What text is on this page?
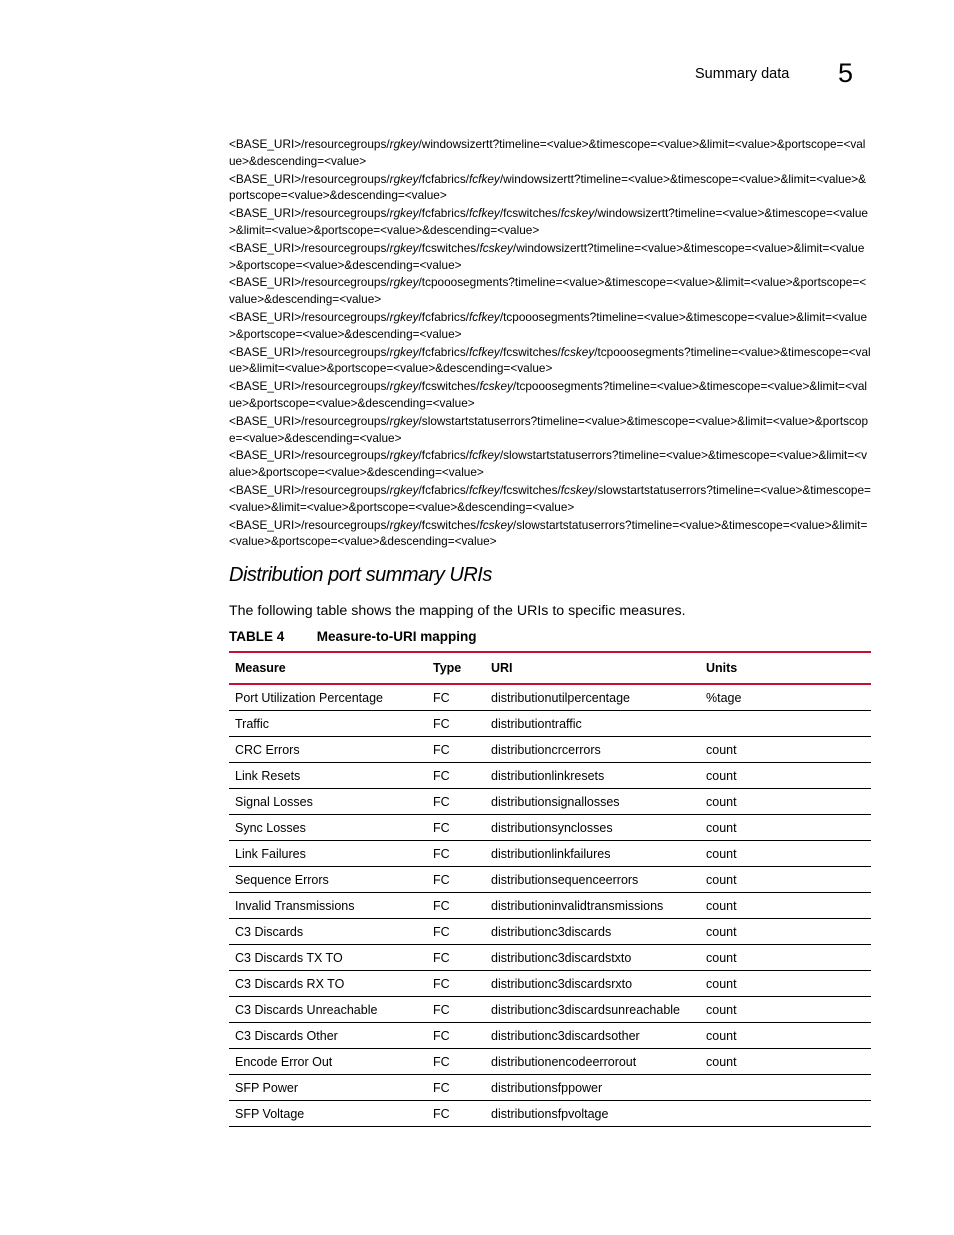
Summary data 5
<BASE_URI>/resourcegroups/rgkey/windowsizertt?timeline=<value>&timescope=<value>&limit=<value>&portscope=<value>&descending=<value>
<BASE_URI>/resourcegroups/rgkey/fcfabrics/fcfkey/windowsizertt?timeline=<value>&timescope=<value>&limit=<value>&portscope=<value>&descending=<value>
<BASE_URI>/resourcegroups/rgkey/fcfabrics/fcfkey/fcswitches/fcskey/windowsizertt?timeline=<value>&timescope=<value>&limit=<value>&portscope=<value>&descending=<value>
<BASE_URI>/resourcegroups/rgkey/fcswitches/fcskey/windowsizertt?timeline=<value>&timescope=<value>&limit=<value>&portscope=<value>&descending=<value>
<BASE_URI>/resourcegroups/rgkey/tcpooosegments?timeline=<value>&timescope=<value>&limit=<value>&portscope=<value>&descending=<value>
<BASE_URI>/resourcegroups/rgkey/fcfabrics/fcfkey/tcpooosegments?timeline=<value>&timescope=<value>&limit=<value>&portscope=<value>&descending=<value>
<BASE_URI>/resourcegroups/rgkey/fcfabrics/fcfkey/fcswitches/fcskey/tcpooosegments?timeline=<value>&timescope=<value>&limit=<value>&portscope=<value>&descending=<value>
<BASE_URI>/resourcegroups/rgkey/fcswitches/fcskey/tcpooosegments?timeline=<value>&timescope=<value>&limit=<value>&portscope=<value>&descending=<value>
<BASE_URI>/resourcegroups/rgkey/slowstartstatuserrors?timeline=<value>&timescope=<value>&limit=<value>&portscope=<value>&descending=<value>
<BASE_URI>/resourcegroups/rgkey/fcfabrics/fcfkey/slowstartstatuserrors?timeline=<value>&timescope=<value>&limit=<value>&portscope=<value>&descending=<value>
<BASE_URI>/resourcegroups/rgkey/fcfabrics/fcfkey/fcswitches/fcskey/slowstartstatuserrors?timeline=<value>&timescope=<value>&limit=<value>&portscope=<value>&descending=<value>
<BASE_URI>/resourcegroups/rgkey/fcswitches/fcskey/slowstartstatuserrors?timeline=<value>&timescope=<value>&limit=<value>&portscope=<value>&descending=<value>
Distribution port summary URIs

The following table shows the mapping of the URIs to specific measures.

TABLE 4 Measure-to-URI mapping
Measure	Type	URI	Units
Port Utilization Percentage	FC	distributionutilpercentage	%tage
Traffic	FC	distributiontraffic	
CRC Errors	FC	distributioncrcerrors	count
Link Resets	FC	distributionlinkresets	count
Signal Losses	FC	distributionsignallosses	count
Sync Losses	FC	distributionsynclosses	count
Link Failures	FC	distributionlinkfailures	count
Sequence Errors	FC	distributionsequenceerrors	count
Invalid Transmissions	FC	distributioninvalidtransmissions	count
C3 Discards	FC	distributionc3discards	count
C3 Discards TX TO	FC	distributionc3discardstxto	count
C3 Discards RX TO	FC	distributionc3discardsrxto	count
C3 Discards Unreachable	FC	distributionc3discardsunreachable	count
C3 Discards Other	FC	distributionc3discardsother	count
Encode Error Out	FC	distributionencodeerrorout	count
SFP Power	FC	distributionsfppower	
SFP Voltage	FC	distributionsfpvoltage	
